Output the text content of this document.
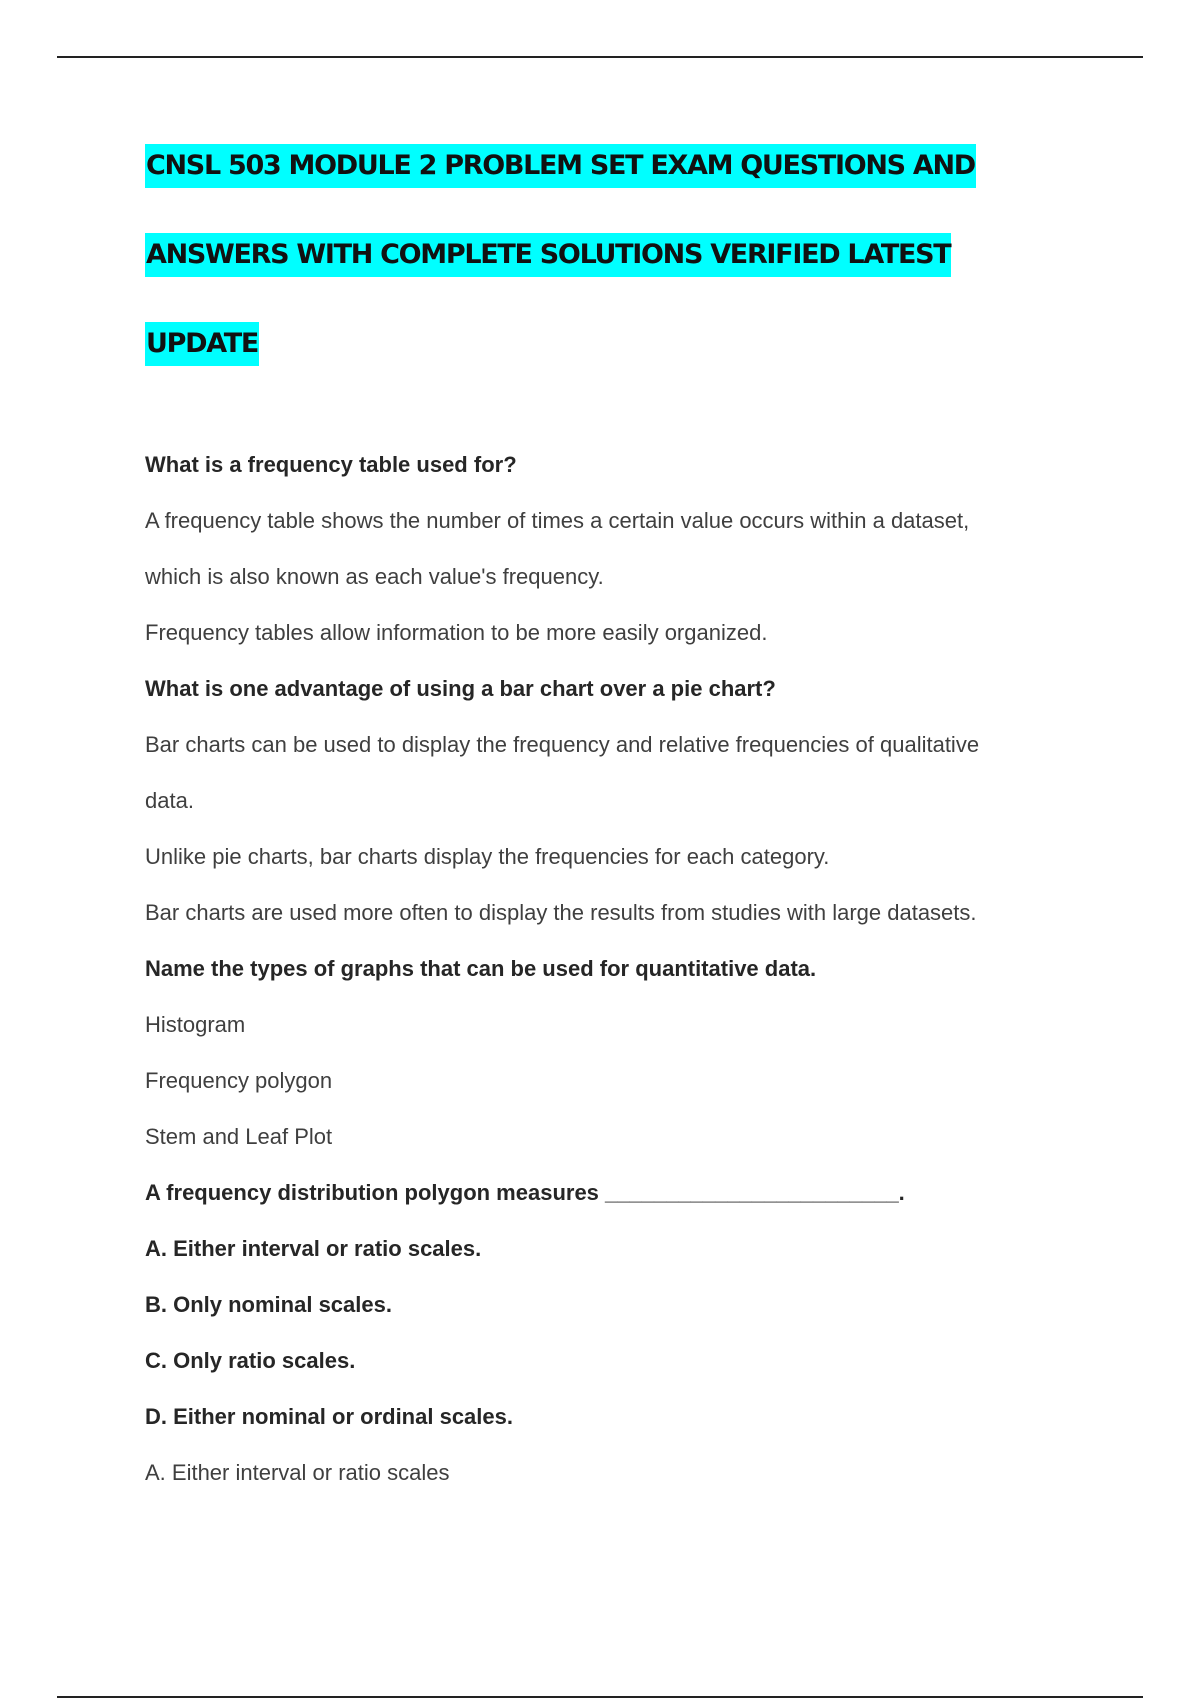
CNSL 503 MODULE 2 PROBLEM SET EXAM QUESTIONS AND
ANSWERS WITH COMPLETE SOLUTIONS VERIFIED LATEST
UPDATE

What is a frequency table used for?

A frequency table shows the number of times a certain value occurs within a dataset,

which is also known as each value's frequency.

Frequency tables allow information to be more easily organized.

What is one advantage of using a bar chart over a pie chart?

Bar charts can be used to display the frequency and relative frequencies of qualitative

data.

Unlike pie charts, bar charts display the frequencies for each category.

Bar charts are used more often to display the results from studies with large datasets.

Name the types of graphs that can be used for quantitative data.

Histogram

Frequency polygon

Stem and Leaf Plot

A frequency distribution polygon measures ________________________.

A. Either interval or ratio scales.

B. Only nominal scales.

C. Only ratio scales.

D. Either nominal or ordinal scales.

A. Either interval or ratio scales
